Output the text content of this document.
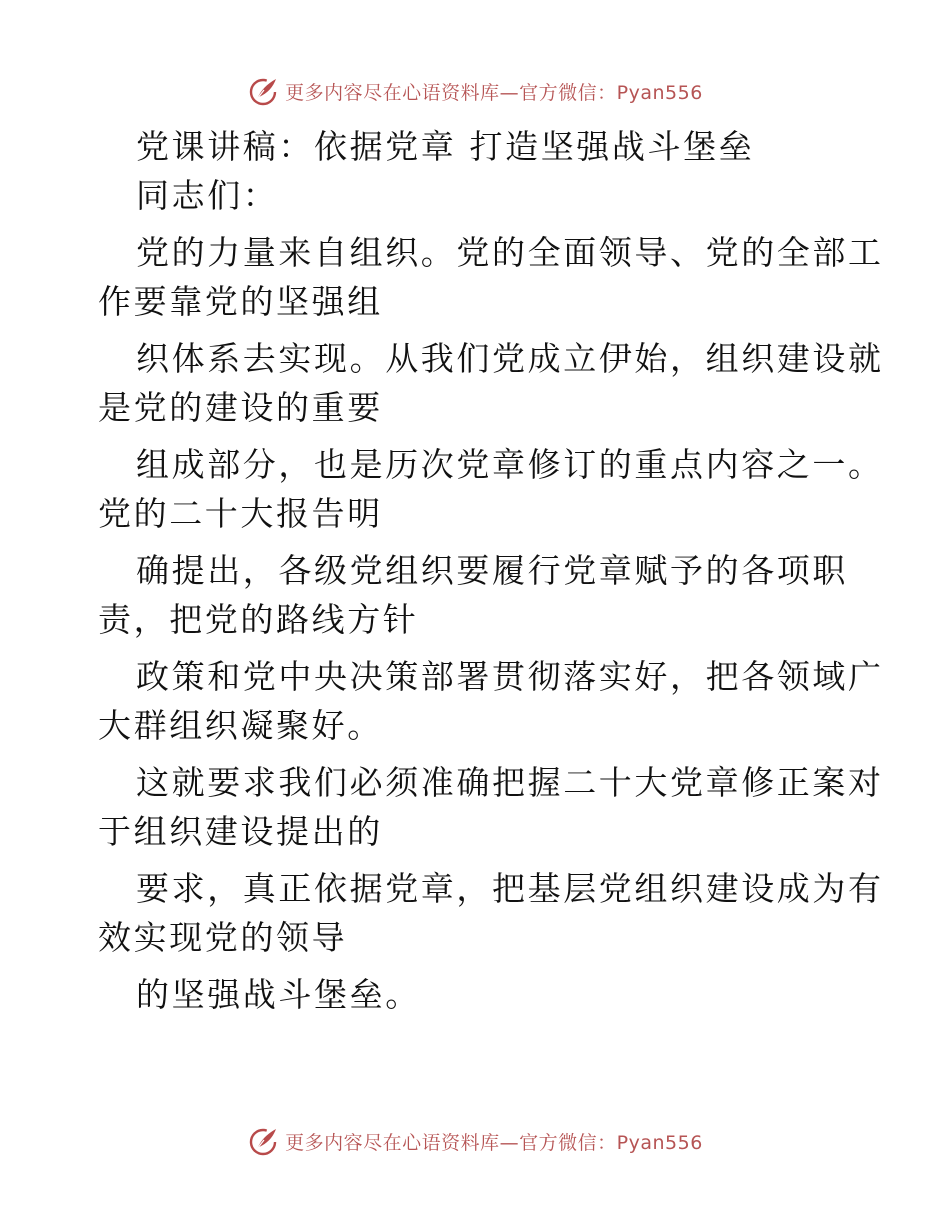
更多内容尽在心语资料库—官方微信：Pyan556

党课讲稿：依据党章 打造坚强战斗堡垒

同志们：

党的力量来自组织。党的全面领导、党的全部工

作要靠党的坚强组

织体系去实现。从我们党成立伊始，组织建设就

是党的建设的重要

组成部分，也是历次党章修订的重点内容之一。

党的二十大报告明

确提出，各级党组织要履行党章赋予的各项职

责，把党的路线方针

政策和党中央决策部署贯彻落实好，把各领域广

大群组织凝聚好。

这就要求我们必须准确把握二十大党章修正案对

于组织建设提出的

要求，真正依据党章，把基层党组织建设成为有

效实现党的领导

的坚强战斗堡垒。

更多内容尽在心语资料库—官方微信：Pyan556
